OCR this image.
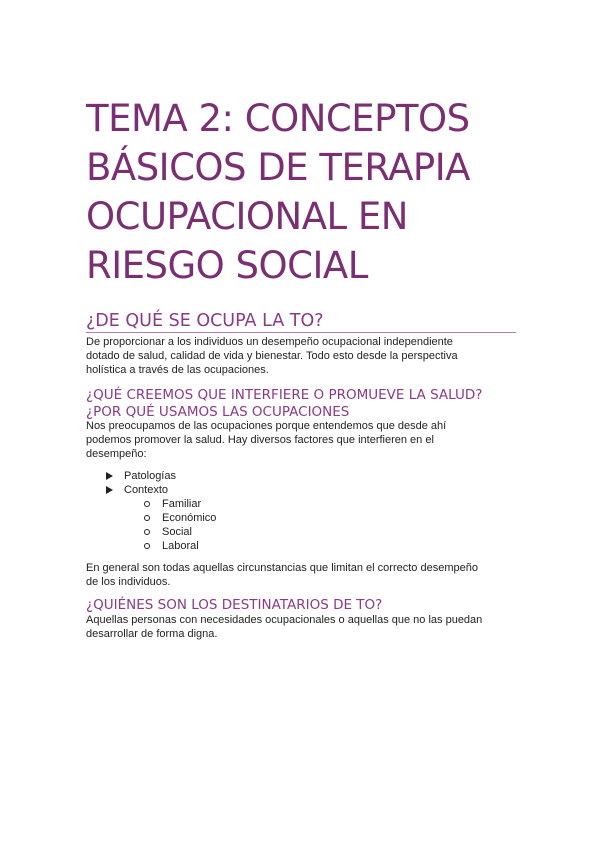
TEMA 2: CONCEPTOS
BÁSICOS DE TERAPIA
OCUPACIONAL EN
RIESGO SOCIAL
¿DE QUÉ SE OCUPA LA TO?

De proporcionar a los individuos un desempeño ocupacional independiente
dotado de salud, calidad de vida y bienestar. Todo esto desde la perspectiva
holística a través de las ocupaciones.

¿QUÉ CREEMOS QUE INTERFIERE O PROMUEVE LA SALUD?
¿POR QUÉ USAMOS LAS OCUPACIONES

Nos preocupamos de las ocupaciones porque entendemos que desde ahí
podemos promover la salud. Hay diversos factores que interfieren en el
desempeño:

Patologías
Contexto
Familiar
Económico
Social
Laboral

En general son todas aquellas circunstancias que limitan el correcto desempeño
de los individuos.

¿QUIÉNES SON LOS DESTINATARIOS DE TO?

Aquellas personas con necesidades ocupacionales o aquellas que no las puedan
desarrollar de forma digna.
